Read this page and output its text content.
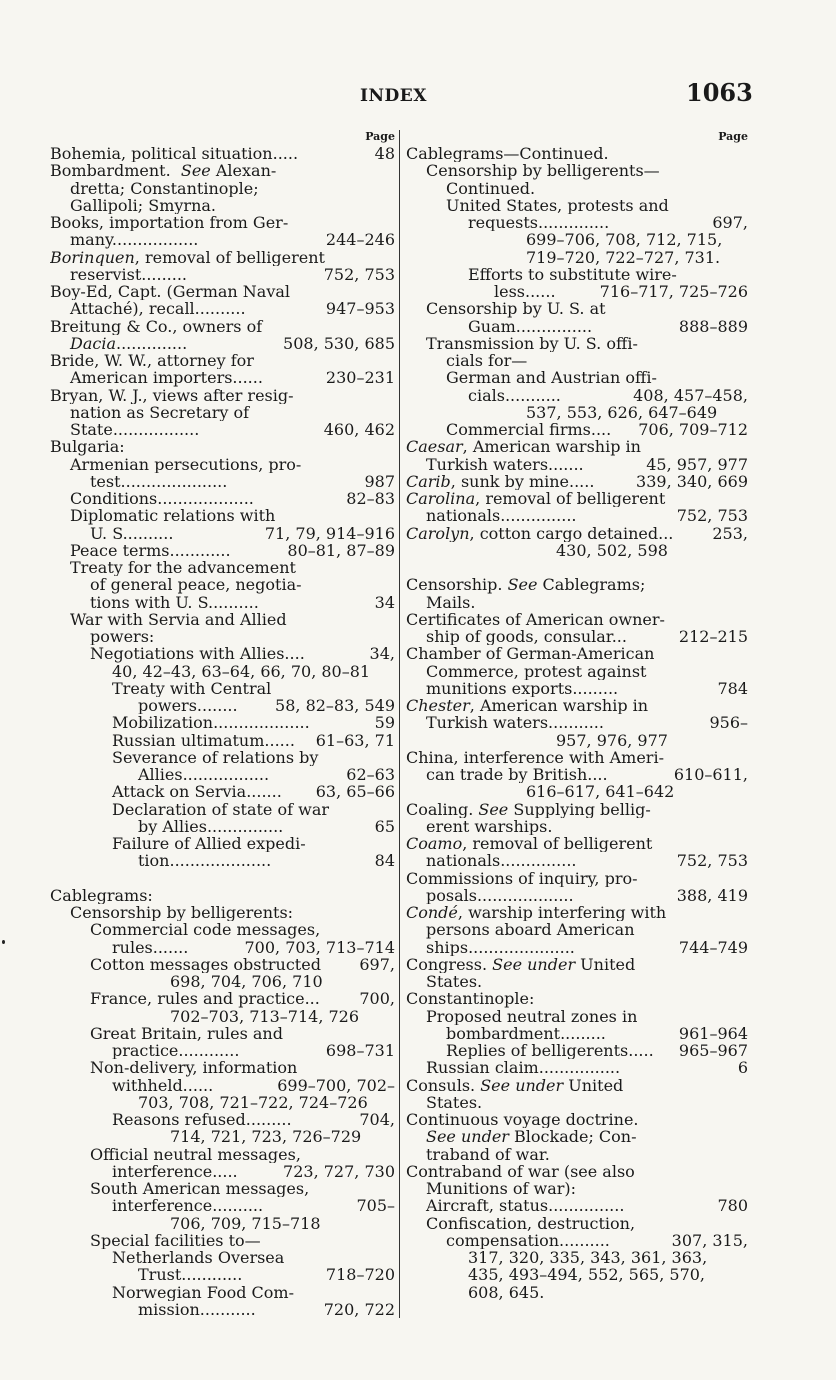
INDEX	1063
Page
Bohemia, political situation.....	48
Bombardment.  See Alexan-
dretta; Constantinople;
Gallipoli; Smyrna.
Books, importation from Ger-
many.................	244–246
Borinquen, removal of belligerent
reservist.........	752, 753
Boy-Ed, Capt. (German Naval
Attaché), recall..........	947–953
Breitung & Co., owners of
Dacia..............	508, 530, 685
Bride, W. W., attorney for
American importers......	230–231
Bryan, W. J., views after resig-
nation as Secretary of
State.................	460, 462
Bulgaria:
Armenian persecutions, pro-
test.....................	987
Conditions...................	82–83
Diplomatic relations with
U. S..........	71, 79, 914–916
Peace terms............	80–81, 87–89
Treaty for the advancement
of general peace, negotia-
tions with U. S..........	34
War with Servia and Allied
powers:
Negotiations with Allies....	34,
40, 42–43, 63–64, 66, 70, 80–81
Treaty with Central
powers........ 58, 82–83, 549
Mobilization...................	59
Russian ultimatum...... 61–63, 71
Severance of relations by
Allies.................	62–63
Attack on Servia....... 63, 65–66
Declaration of state of war
by Allies...............	65
Failure of Allied expedi-
tion....................	84
Cablegrams:
Censorship by belligerents:
Commercial code messages,
rules.......	700, 703, 713–714
Cotton messages obstructed 697,
698, 704, 706, 710
France, rules and practice... 700,
702–703, 713–714, 726
Great Britain, rules and
practice............	698–731
Non-delivery, information
withheld......	699–700, 702–
703, 708, 721–722, 724–726
Reasons refused.........	704,
714, 721, 723, 726–729
Official neutral messages,
interference.....	723, 727, 730
South American messages,
interference..........	705–
706, 709, 715–718
Special facilities to—
Netherlands Oversea
Trust............	718–720
Norwegian Food Com-
mission...........	720, 722
Page
Cablegrams—Continued.
Censorship by belligerents—
Continued.
United States, protests and
requests..............	697,
699–706, 708, 712, 715,
719–720, 722–727, 731.
Efforts to substitute wire-
less......	716–717, 725–726
Censorship by U. S. at
Guam...............	888–889
Transmission by U. S. offi-
cials for—
German and Austrian offi-
cials...........	408, 457–458,
537, 553, 626, 647–649
Commercial firms.... 706, 709–712
Caesar, American warship in
Turkish waters.......	45, 957, 977
Carib, sunk by mine.....	339, 340, 669
Carolina, removal of belligerent
nationals...............	752, 753
Carolyn, cotton cargo detained... 253,
430, 502, 598
Censorship. See Cablegrams;
Mails.
Certificates of American owner-
ship of goods, consular...	212–215
Chamber of German-American
Commerce, protest against
munitions exports.........	784
Chester, American warship in
Turkish waters...........	956–
957, 976, 977
China, interference with Ameri-
can trade by British....	610–611,
616–617, 641–642
Coaling. See Supplying bellig-
erent warships.
Coamo, removal of belligerent
nationals...............	752, 753
Commissions of inquiry, pro-
posals...................	388, 419
Condé, warship interfering with
persons aboard American
ships.....................	744–749
Congress. See under United
States.
Constantinople:
Proposed neutral zones in
bombardment.........	961–964
Replies of belligerents..... 965–967
Russian claim................	6
Consuls. See under United
States.
Continuous voyage doctrine.
See under Blockade; Con-
traband of war.
Contraband of war (see also
Munitions of war):
Aircraft, status...............	780
Confiscation, destruction,
compensation..........	307, 315,
317, 320, 335, 343, 361, 363,
435, 493–494, 552, 565, 570,
608, 645.
